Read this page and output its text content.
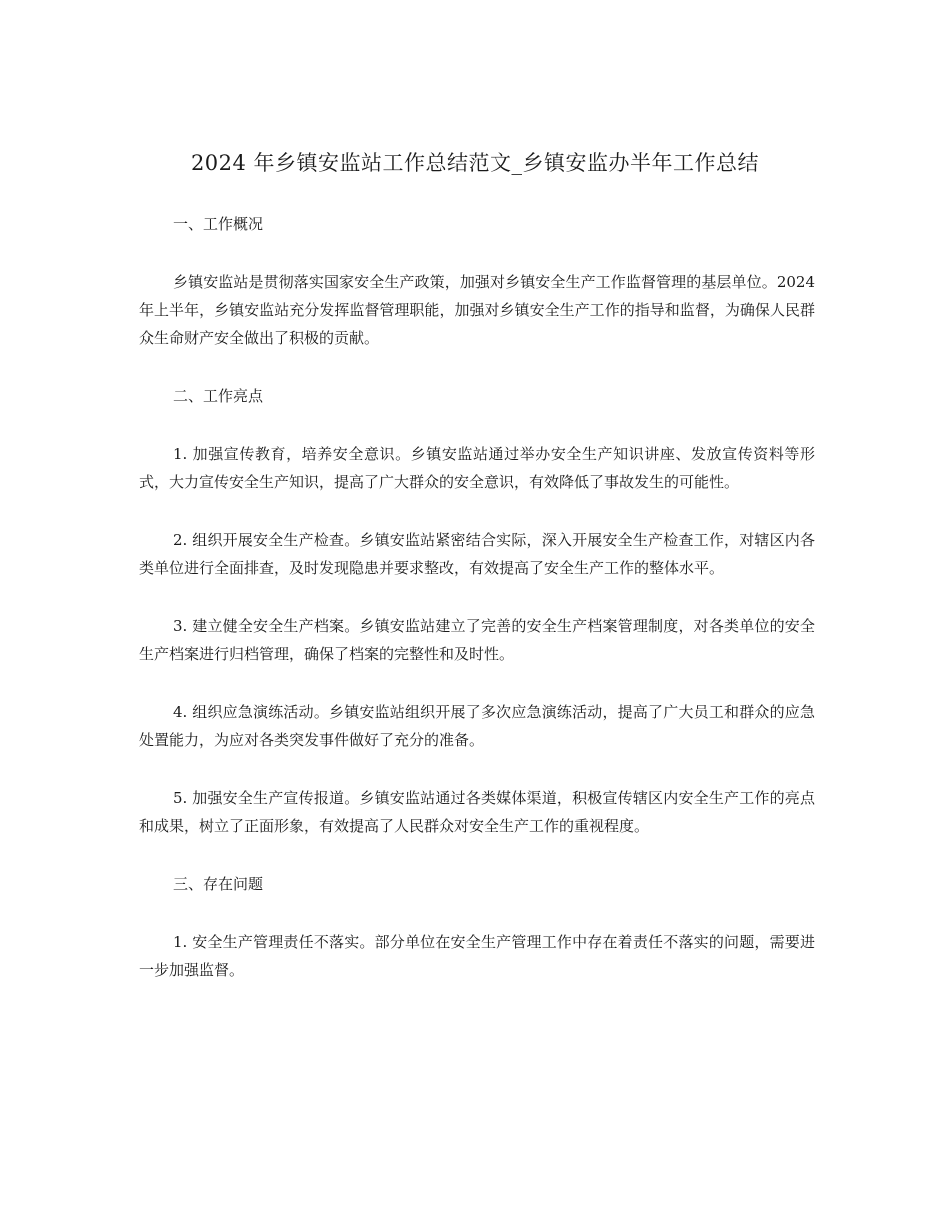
2024 年乡镇安监站工作总结范文_乡镇安监办半年工作总结

一、工作概况

乡镇安监站是贯彻落实国家安全生产政策，加强对乡镇安全生产工作监督管理的基层单位。2024 年上半年，乡镇安监站充分发挥监督管理职能，加强对乡镇安全生产工作的指导和监督，为确保人民群众生命财产安全做出了积极的贡献。

二、工作亮点

1. 加强宣传教育，培养安全意识。乡镇安监站通过举办安全生产知识讲座、发放宣传资料等形式，大力宣传安全生产知识，提高了广大群众的安全意识，有效降低了事故发生的可能性。

2. 组织开展安全生产检查。乡镇安监站紧密结合实际，深入开展安全生产检查工作，对辖区内各类单位进行全面排查，及时发现隐患并要求整改，有效提高了安全生产工作的整体水平。

3. 建立健全安全生产档案。乡镇安监站建立了完善的安全生产档案管理制度，对各类单位的安全生产档案进行归档管理，确保了档案的完整性和及时性。

4. 组织应急演练活动。乡镇安监站组织开展了多次应急演练活动，提高了广大员工和群众的应急处置能力，为应对各类突发事件做好了充分的准备。

5. 加强安全生产宣传报道。乡镇安监站通过各类媒体渠道，积极宣传辖区内安全生产工作的亮点和成果，树立了正面形象，有效提高了人民群众对安全生产工作的重视程度。

三、存在问题

1. 安全生产管理责任不落实。部分单位在安全生产管理工作中存在着责任不落实的问题，需要进一步加强监督。
